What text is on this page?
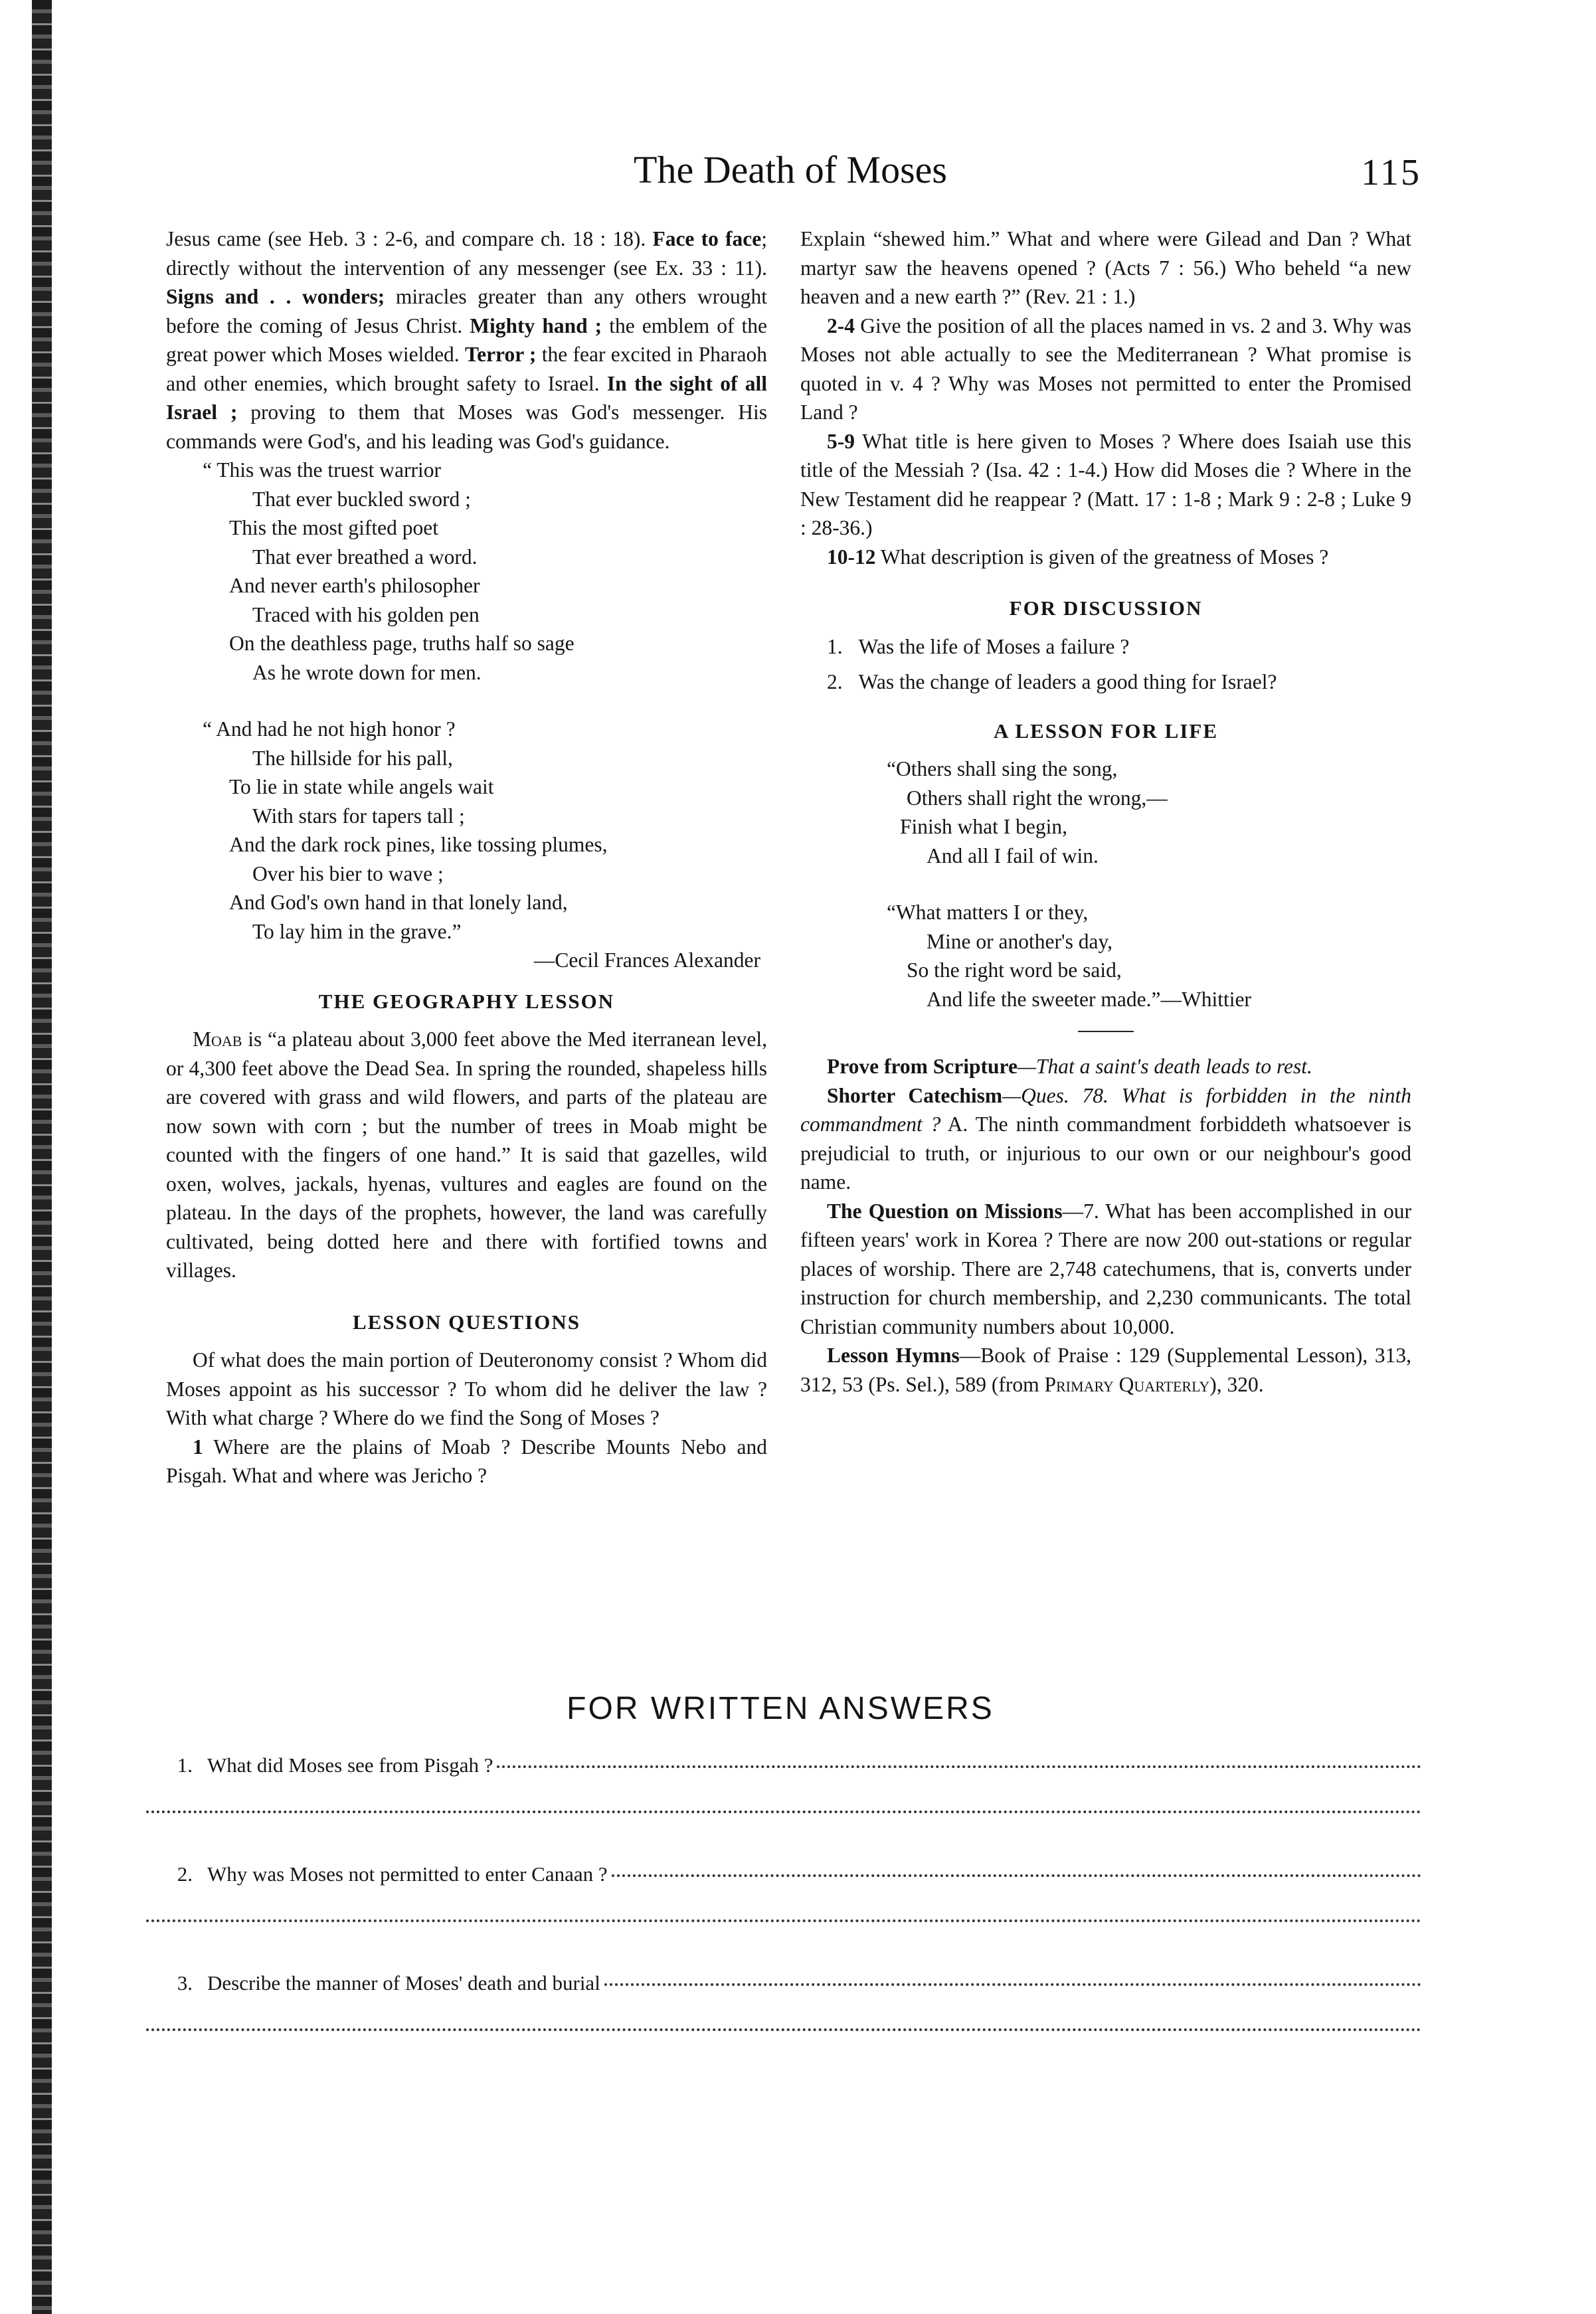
The Death of Moses	115

Jesus came (see Heb. 3 : 2-6, and compare ch. 18 : 18). Face to face; directly without the intervention of any messenger (see Ex. 33 : 11). Signs and . . wonders; miracles greater than any others wrought before the coming of Jesus Christ. Mighty hand ; the emblem of the great power which Moses wielded. Terror ; the fear excited in Pharaoh and other enemies, which brought safety to Israel. In the sight of all Israel ; proving to them that Moses was God's messenger. His commands were God's, and his leading was God's guidance.

“ This was the truest warrior
That ever buckled sword ;
This the most gifted poet
That ever breathed a word.
And never earth's philosopher
Traced with his golden pen
On the deathless page, truths half so sage
As he wrote down for men.
“ And had he not high honor ?
The hillside for his pall,
To lie in state while angels wait
With stars for tapers tall ;
And the dark rock pines, like tossing plumes,
Over his bier to wave ;
And God's own hand in that lonely land,
To lay him in the grave.”

—Cecil Frances Alexander

THE GEOGRAPHY LESSON

Moab is “a plateau about 3,000 feet above the Med iterranean level, or 4,300 feet above the Dead Sea. In spring the rounded, shapeless hills are covered with grass and wild flowers, and parts of the plateau are now sown with corn ; but the number of trees in Moab might be counted with the fingers of one hand.” It is said that gazelles, wild oxen, wolves, jackals, hyenas, vultures and eagles are found on the plateau. In the days of the prophets, however, the land was carefully cultivated, being dotted here and there with fortified towns and villages.

LESSON QUESTIONS

Of what does the main portion of Deuteronomy consist ? Whom did Moses appoint as his successor ? To whom did he deliver the law ? With what charge ? Where do we find the Song of Moses ?

1 Where are the plains of Moab ? Describe Mounts Nebo and Pisgah. What and where was Jericho ?

Explain “shewed him.” What and where were Gilead and Dan ? What martyr saw the heavens opened ? (Acts 7 : 56.) Who beheld “a new heaven and a new earth ?” (Rev. 21 : 1.)

2-4 Give the position of all the places named in vs. 2 and 3. Why was Moses not able actually to see the Mediterranean ? What promise is quoted in v. 4 ? Why was Moses not permitted to enter the Promised Land ?

5-9 What title is here given to Moses ? Where does Isaiah use this title of the Messiah ? (Isa. 42 : 1-4.) How did Moses die ? Where in the New Testament did he reappear ? (Matt. 17 : 1-8 ; Mark 9 : 2-8 ; Luke 9 : 28-36.)

10-12 What description is given of the greatness of Moses ?

FOR DISCUSSION
1. Was the life of Moses a failure ?
2. Was the change of leaders a good thing for Israel?
A LESSON FOR LIFE
“Others shall sing the song,
Others shall right the wrong,—
Finish what I begin,
And all I fail of win.
“What matters I or they,
Mine or another's day,
So the right word be said,
And life the sweeter made.”—Whittier

Prove from Scripture—That a saint's death leads to rest.

Shorter Catechism—Ques. 78. What is forbidden in the ninth commandment ? A. The ninth commandment forbiddeth whatsoever is prejudicial to truth, or injurious to our own or our neighbour's good name.

The Question on Missions—7. What has been accomplished in our fifteen years' work in Korea ? There are now 200 out-stations or regular places of worship. There are 2,748 catechumens, that is, converts under instruction for church membership, and 2,230 communicants. The total Christian community numbers about 10,000.

Lesson Hymns—Book of Praise : 129 (Supplemental Lesson), 313, 312, 53 (Ps. Sel.), 589 (from Primary Quarterly), 320.

FOR WRITTEN ANSWERS
1. What did Moses see from Pisgah ?
2. Why was Moses not permitted to enter Canaan ?
3. Describe the manner of Moses' death and burial
